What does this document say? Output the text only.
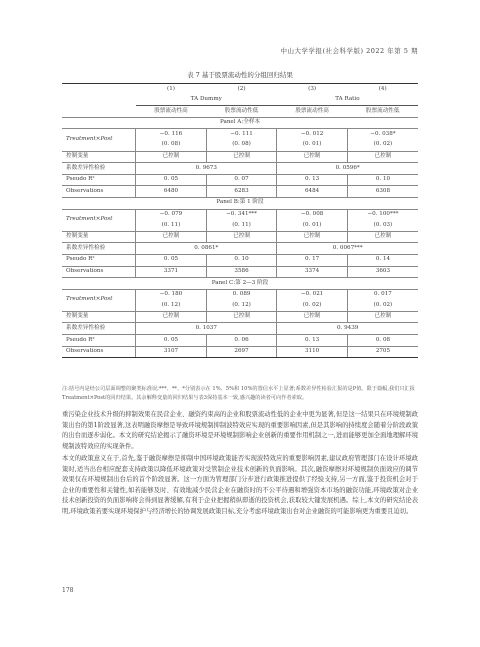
中山大学学报(社会科学版) 2022 年第 5 期
表 7 基于股票流动性的分组回归结果
	(1)	(2)	(3)	(4)
	TA Dummy		TA Ratio	
	股票流动性高	股票流动性低	股票流动性高	股票流动性低
Panel A:全样本				
Treatment×Post	−0. 116	−0. 111	−0. 012	−0. 038*
	(0. 08)	(0. 08)	(0. 01)	(0. 02)
控制变量	已控制	已控制	已控制	已控制
系数差异性检验	0. 9673		0. 0596*	
Pseudo R²	0. 05	0. 07	0. 13	0. 10
Observations	6480	6283	6484	6308
Panel B:第 1 阶段				
Treatment×Post	−0. 079	−0. 341***	−0. 008	−0. 100***
	(0. 11)	(0. 11)	(0. 01)	(0. 03)
控制变量	已控制	已控制	已控制	已控制
系数差异性检验	0. 0861*		0. 0067***	
Pseudo R²	0. 05	0. 10	0. 17	0. 14
Observations	3371	3586	3374	3603
Panel C:第 2—3 阶段				
Treatment×Post	−0. 180	0. 089	−0. 021	0. 017
	(0. 12)	(0. 12)	(0. 02)	(0. 02)
控制变量	已控制	已控制	已控制	已控制
系数差异性检验	0. 1037		0. 9439	
Pseudo R²	0. 05	0. 06	0. 13	0. 08
Observations	3107	2697	3110	2705
注:括号内是经公司层面调整的聚类标准误;***、**、*分别表示在 1%、5%和 10%的置信水平上显著;系数差异性检验汇报的是P值。限于篇幅,我们只汇报Treatment×Post的回归结果。其余解释变量的回归结果与表3保持基本一致,感兴趣的读者可向作者索取。

重污染企业技术升级的抑制效果在民营企业、融资约束高的企业和股票流动性低的企业中更为显著,但是这一结果只在环境规制政策出台的第1阶段显著,这表明融资摩擦是导致环境规制抑制波特效应实现的重要影响因素,但是其影响的持续度会随着分阶段政策的出台而逐步弱化。本文的研究结论揭示了融资环境是环境规制影响企业创新的重要作用机制之一,进而能够更加全面地理解环境规制波特效应的实现条件。

本文的政策意义在于,首先,鉴于融资摩擦是抑制中国环境政策能否实现波特效应的重要影响因素,建议政府管理部门在设计环境政策时,适当出台相应配套支持政策以降低环境政策对受管制企业技术创新的负面影响。其次,融资摩擦对环境规制负面效应的调节效果仅在环境规制出台后的首个阶段显著。这一方面为管理部门分步进行政策推进提供了经验支持,另一方面,鉴于投资机会对于企业的重要性和关键性,如若能够及时、有效地减少民营企业在融资时的不公平待遇和增强资本市场的融资功能,环境政策对企业技术创新投资的负面影响将会得到显著缓解,有利于企业把握稍纵即逝的投资机会,获取较大键发展机遇。综上,本文的研究结论表明,环境政策若要实现环境保护与经济增长的协调发展政策目标,充分考虑环境政策出台对企业融资的可能影响更为重要且迫切。

178
